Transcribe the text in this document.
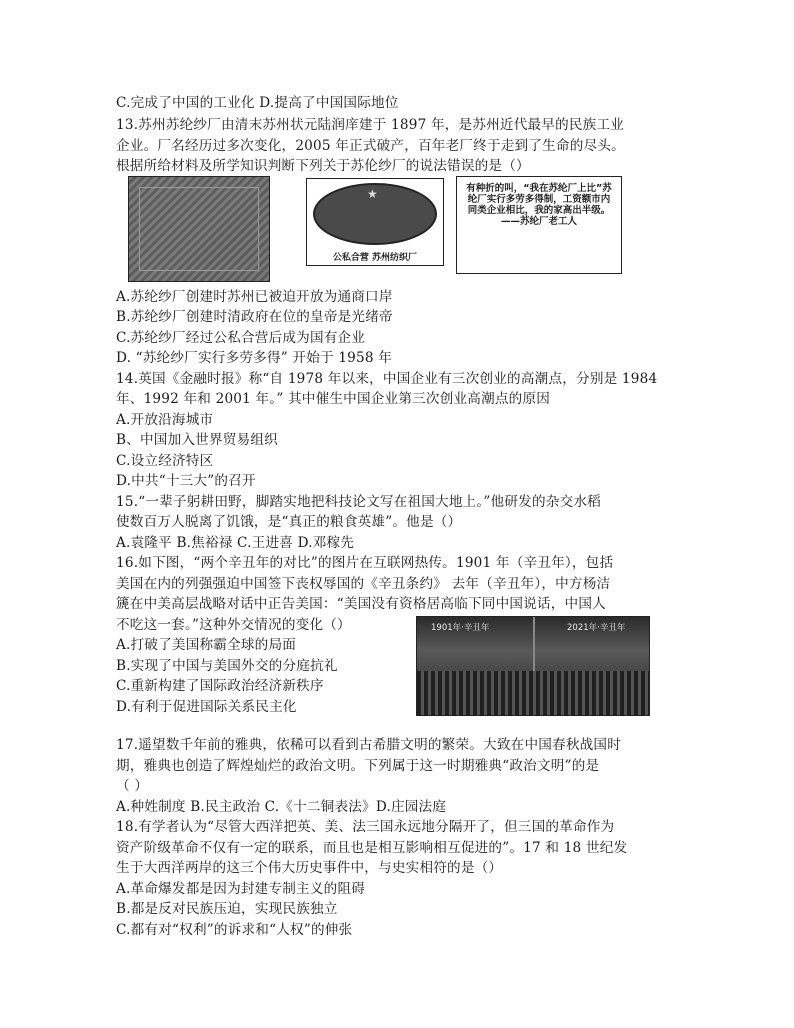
C.完成了中国的工业化 D.提高了中国国际地位
13.苏州苏纶纱厂由清末苏州状元陆润庠建于 1897 年，是苏州近代最早的民族工业
企业。厂名经历过多次变化，2005 年正式破产，百年老厂终于走到了生命的尽头。
根据所给材料及所学知识判断下列关于苏伦纱厂的说法错误的是（）
★
公私合营 苏州纺织厂
有种折的叫，“我在苏纶厂上比”苏纶厂实行多劳多得制，工资额市内同类企业相比，我的家高出半级。——苏纶厂老工人
A.苏纶纱厂创建时苏州已被迫开放为通商口岸
B.苏纶纱厂创建时清政府在位的皇帝是光绪帝
C.苏纶纱厂经过公私合营后成为国有企业
D. “苏纶纱厂实行多劳多得” 开始于 1958 年
14.英国《金融时报》称“自 1978 年以来，中国企业有三次创业的高潮点，分别是 1984
年、1992 年和 2001 年。” 其中催生中国企业第三次创业高潮点的原因
A.开放沿海城市
B、中国加入世界贸易组织
C.设立经济特区
D.中共“十三大”的召开
15.“一辈子躬耕田野，脚踏实地把科技论文写在祖国大地上。”他研发的杂交水稻
使数百万人脱离了饥饿，是“真正的粮食英雄”。他是（）
A.袁隆平 B.焦裕禄 C.王进喜 D.邓稼先
16.如下图，“两个辛丑年的对比”的图片在互联网热传。1901 年（辛丑年），包括
美国在内的列强强迫中国签下丧权辱国的《辛丑条约》 去年（辛丑年），中方杨洁
篪在中美高层战略对话中正告美国：“美国没有资格居高临下同中国说话，中国人
不吃这一套。”这种外交情况的变化（）
A.打破了美国称霸全球的局面
B.实现了中国与美国外交的分庭抗礼
C.重新构建了国际政治经济新秩序
D.有利于促进国际关系民主化
1901年·辛丑年	2021年·辛丑年
17.遥望数千年前的雅典，依稀可以看到古希腊文明的繁荣。大致在中国春秋战国时
期，雅典也创造了辉煌灿烂的政治文明。下列属于这一时期雅典“政治文明”的是
（ ）
A.种姓制度 B.民主政治 C.《十二铜表法》D.庄园法庭
18.有学者认为“尽管大西洋把英、美、法三国永远地分隔开了，但三国的革命作为
资产阶级革命不仅有一定的联系，而且也是相互影响相互促进的”。17 和 18 世纪发
生于大西洋两岸的这三个伟大历史事件中，与史实相符的是（）
A.革命爆发都是因为封建专制主义的阻碍
B.都是反对民族压迫，实现民族独立
C.都有对“权利”的诉求和“人权”的伸张
